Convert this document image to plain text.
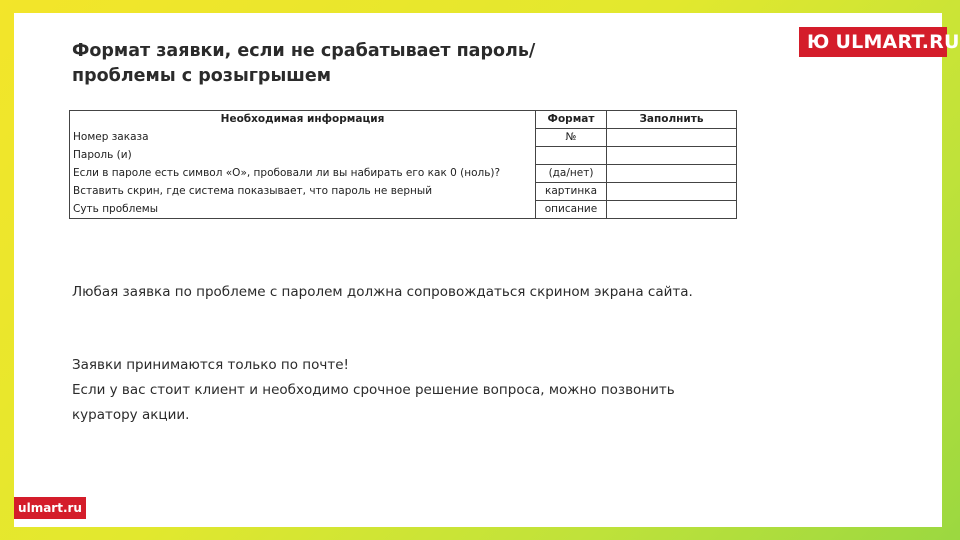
Формат заявки, если не срабатывает пароль/
проблемы с розыгрышем
Ю ULMART.RU
Необходимая информация	Формат	Заполнить
Номер заказа	№	
Пароль (и)		
Если в пароле есть символ «О», пробовали ли вы набирать его как 0 (ноль)?	(да/нет)	
Вставить скрин, где система показывает, что пароль не верный	картинка	
Суть проблемы	описание	

Любая заявка по проблеме с паролем должна сопровождаться скрином экрана сайта.

Заявки принимаются только по почте!
Если у вас стоит клиент и необходимо срочное решение вопроса, можно позвонить
куратору акции.

ulmart.ru
